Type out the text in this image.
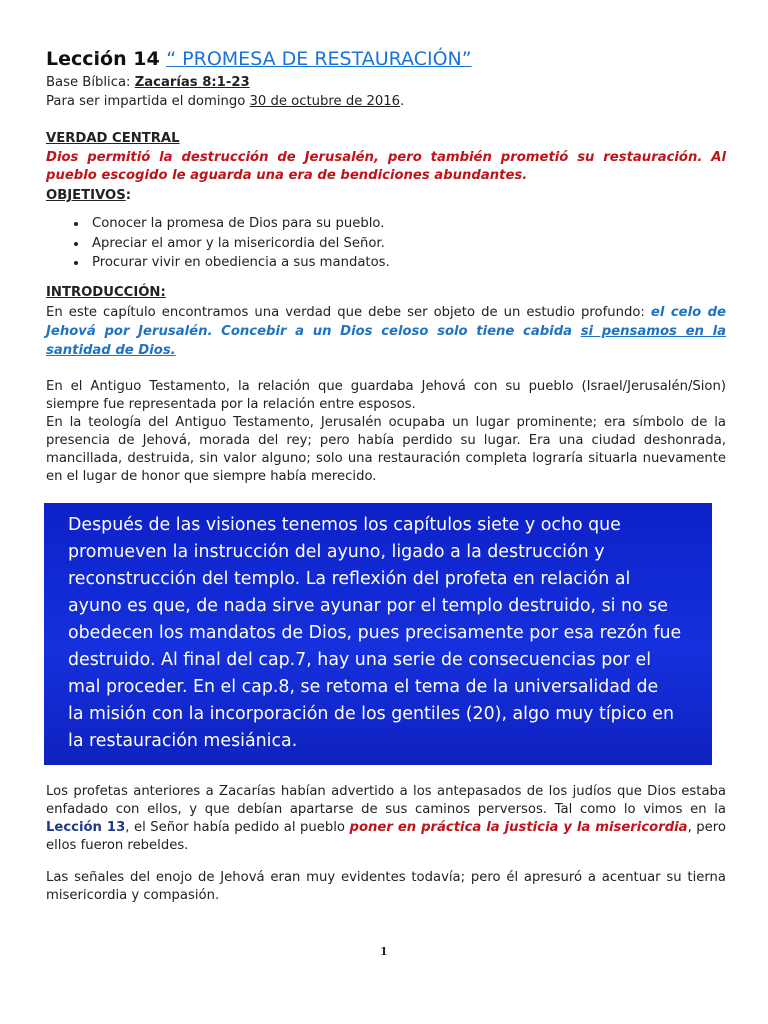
Lección 14 “ PROMESA DE RESTAURACIÓN”
Base Bíblica: Zacarías 8:1-23
Para ser impartida el domingo 30 de octubre de 2016.
VERDAD CENTRAL
Dios permitió la destrucción de Jerusalén, pero también prometió su restauración. Al pueblo escogido le aguarda una era de bendiciones abundantes.
OBJETIVOS:
• Conocer la promesa de Dios para su pueblo.
• Apreciar el amor y la misericordia del Señor.
• Procurar vivir en obediencia a sus mandatos.
INTRODUCCIÓN:
En este capítulo encontramos una verdad que debe ser objeto de un estudio profundo: el celo de Jehová por Jerusalén. Concebir a un Dios celoso solo tiene cabida si pensamos en la santidad de Dios.
En el Antiguo Testamento, la relación que guardaba Jehová con su pueblo (Israel/Jerusalén/Sion) siempre fue representada por la relación entre esposos.
En la teología del Antiguo Testamento, Jerusalén ocupaba un lugar prominente; era símbolo de la presencia de Jehová, morada del rey; pero había perdido su lugar. Era una ciudad deshonrada, mancillada, destruida, sin valor alguno; solo una restauración completa lograría situarla nuevamente en el lugar de honor que siempre había merecido.
Después de las visiones tenemos los capítulos siete y ocho que
promueven la instrucción del ayuno, ligado a la destrucción y
reconstrucción del templo. La reflexión del profeta en relación al
ayuno es que, de nada sirve ayunar por el templo destruido, si no se
obedecen los mandatos de Dios, pues precisamente por esa rezón fue
destruido. Al final del cap.7, hay una serie de consecuencias por el
mal proceder. En el cap.8, se retoma el tema de la universalidad de
la misión con la incorporación de los gentiles (20), algo muy típico en
la restauración mesiánica.
Los profetas anteriores a Zacarías habían advertido a los antepasados de los judíos que Dios estaba enfadado con ellos, y que debían apartarse de sus caminos perversos. Tal como lo vimos en la Lección 13, el Señor había pedido al pueblo poner en práctica la justicia y la misericordia, pero ellos fueron rebeldes.
Las señales del enojo de Jehová eran muy evidentes todavía; pero él apresuró a acentuar su tierna misericordia y compasión.
1
